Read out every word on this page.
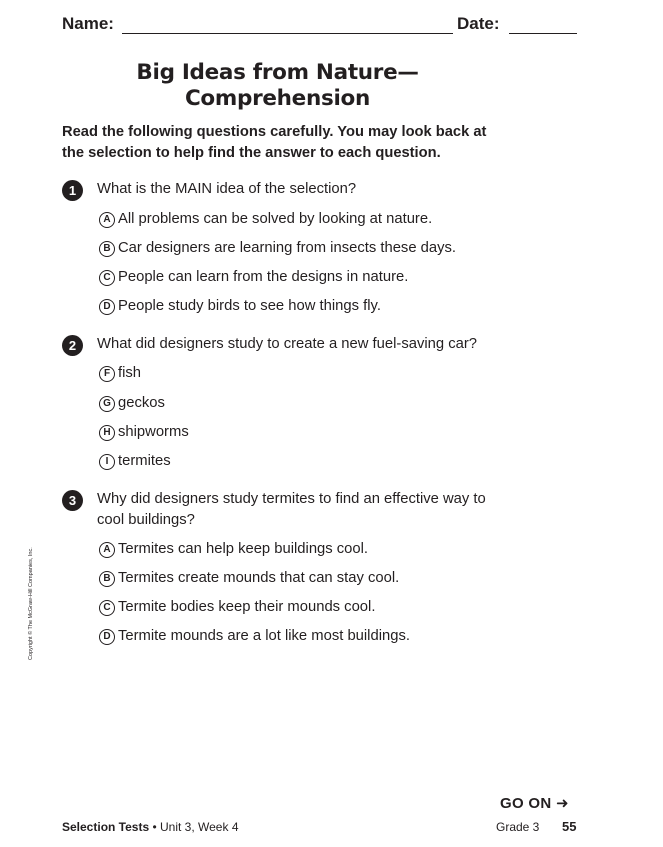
Name:	Date:
Big Ideas from Nature—
Comprehension
Read the following questions carefully. You may look back at the selection to help find the answer to each question.
1	What is the MAIN idea of the selection?
A All problems can be solved by looking at nature.
B Car designers are learning from insects these days.
C People can learn from the designs in nature.
D People study birds to see how things fly.
2	What did designers study to create a new fuel-saving car?
F fish
G geckos
H shipworms
I termites
3	Why did designers study termites to find an effective way to cool buildings?
A Termites can help keep buildings cool.
B Termites create mounds that can stay cool.
C Termite bodies keep their mounds cool.
D Termite mounds are a lot like most buildings.
Copyright © The McGraw-Hill Companies, Inc.
GO ON ➜
Selection Tests • Unit 3, Week 4	Grade 3 55
